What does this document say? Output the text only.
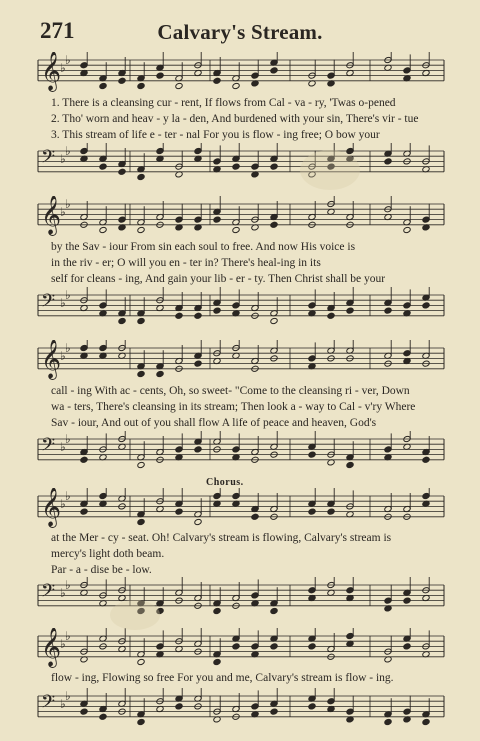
271	Calvary's Stream.
𝄞
♭
♭
1. There is a cleansing cur - rent, If flows from Cal - va - ry, 'Twas o-pened
2. Tho' worn and heav - y la - den, And burdened with your sin, There's vir - tue
3. This stream of life e - ter - nal For you is flow - ing free; O bow your
𝄢 ♭
♭
𝄞
♭
♭
by the Sav - iour From sin each soul to free. And now His voice is
in the riv - er; O will you en - ter in? There's heal-ing in its
self for cleans - ing, And gain your lib - er - ty. Then Christ shall be your
𝄢 ♭
♭
𝄞
♭
♭
call - ing With ac - cents, Oh, so sweet- "Come to the cleansing ri - ver, Down
wa - ters, There's cleansing in its stream; Then look a - way to Cal - v'ry Where
Sav - iour, And out of you shall flow A life of peace and heaven, God's
𝄢 ♭
♭
Chorus.
𝄞
♭
♭
at the Mer - cy - seat. Oh! Calvary's stream is flowing, Calvary's stream is
mercy's light doth beam.
Par - a - dise be - low.
𝄢 ♭
♭
𝄞
♭
♭
flow - ing, Flowing so free For you and me, Calvary's stream is flow - ing.
𝄢 ♭
♭
